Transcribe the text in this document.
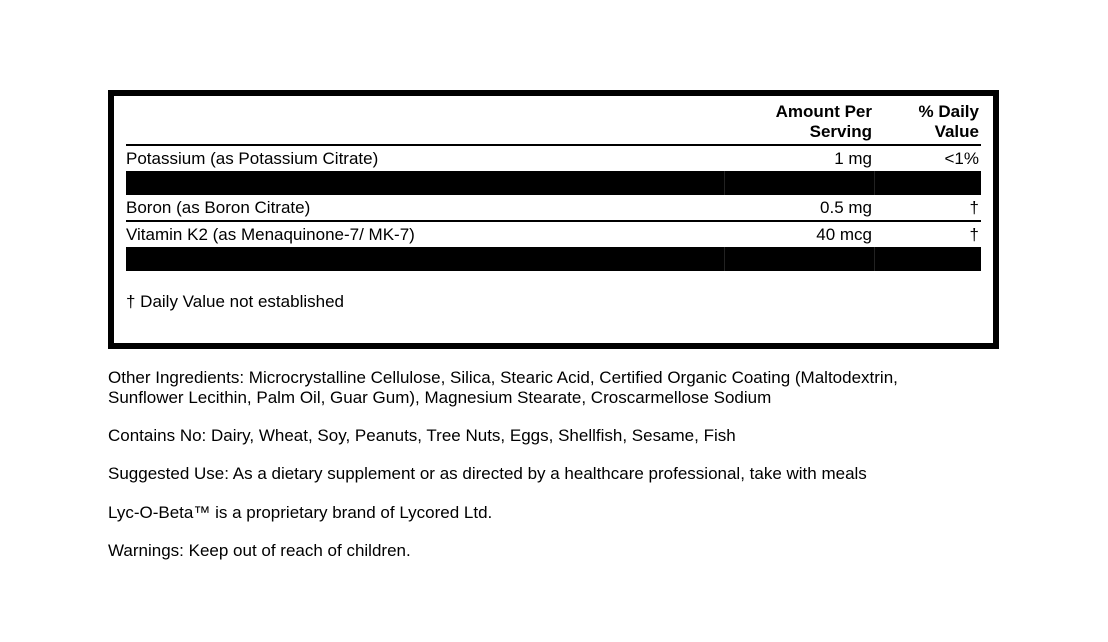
	Amount Per Serving	% Daily Value
Potassium (as Potassium Citrate)	1 mg	<1%

Boron (as Boron Citrate)	0.5 mg	†
Vitamin K2 (as Menaquinone-7/ MK-7)	40 mcg	†

† Daily Value not established

Other Ingredients: Microcrystalline Cellulose, Silica, Stearic Acid, Certified Organic Coating (Maltodextrin, Sunflower Lecithin, Palm Oil, Guar Gum), Magnesium Stearate, Croscarmellose Sodium

Contains No: Dairy, Wheat, Soy, Peanuts, Tree Nuts, Eggs, Shellfish, Sesame, Fish

Suggested Use: As a dietary supplement or as directed by a healthcare professional, take with meals

Lyc-O-Beta™ is a proprietary brand of Lycored Ltd.

Warnings: Keep out of reach of children.
